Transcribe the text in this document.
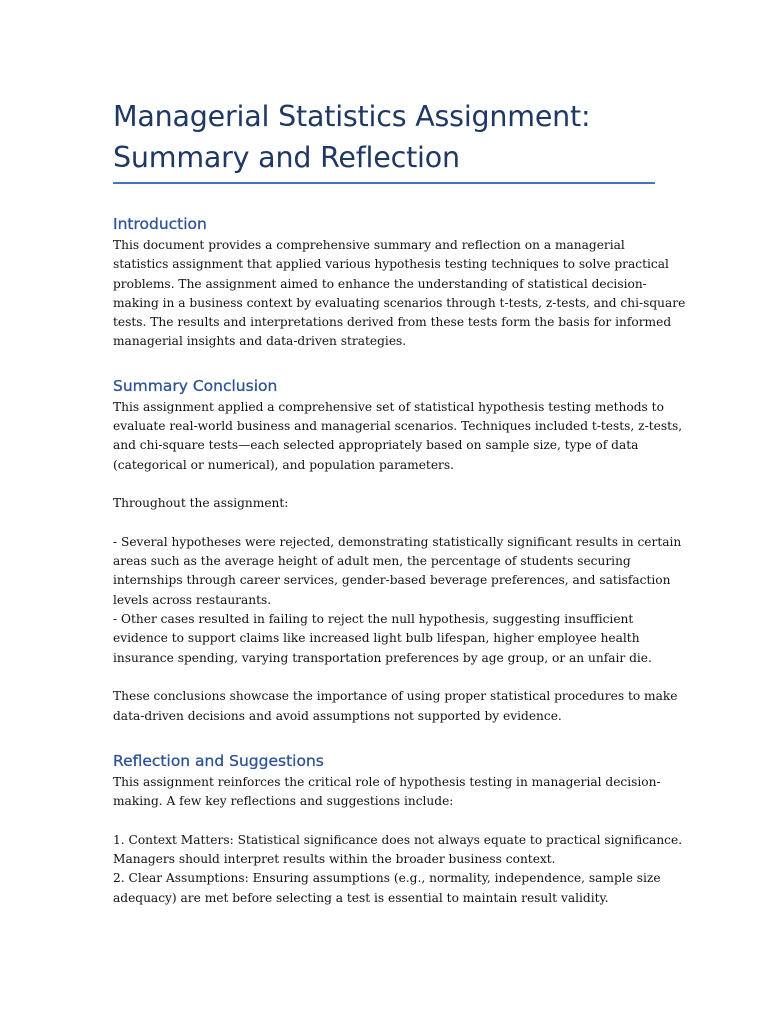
Managerial Statistics Assignment:
Summary and Reflection
Introduction

This document provides a comprehensive summary and reflection on a managerial
statistics assignment that applied various hypothesis testing techniques to solve practical
problems. The assignment aimed to enhance the understanding of statistical decision-
making in a business context by evaluating scenarios through t-tests, z-tests, and chi-square
tests. The results and interpretations derived from these tests form the basis for informed
managerial insights and data-driven strategies.

Summary Conclusion

This assignment applied a comprehensive set of statistical hypothesis testing methods to
evaluate real-world business and managerial scenarios. Techniques included t-tests, z-tests,
and chi-square tests—each selected appropriately based on sample size, type of data
(categorical or numerical), and population parameters.

Throughout the assignment:

- Several hypotheses were rejected, demonstrating statistically significant results in certain
areas such as the average height of adult men, the percentage of students securing
internships through career services, gender-based beverage preferences, and satisfaction
levels across restaurants.
- Other cases resulted in failing to reject the null hypothesis, suggesting insufficient
evidence to support claims like increased light bulb lifespan, higher employee health
insurance spending, varying transportation preferences by age group, or an unfair die.

These conclusions showcase the importance of using proper statistical procedures to make
data-driven decisions and avoid assumptions not supported by evidence.

Reflection and Suggestions

This assignment reinforces the critical role of hypothesis testing in managerial decision-
making. A few key reflections and suggestions include:

1. Context Matters: Statistical significance does not always equate to practical significance.
Managers should interpret results within the broader business context.
2. Clear Assumptions: Ensuring assumptions (e.g., normality, independence, sample size
adequacy) are met before selecting a test is essential to maintain result validity.
